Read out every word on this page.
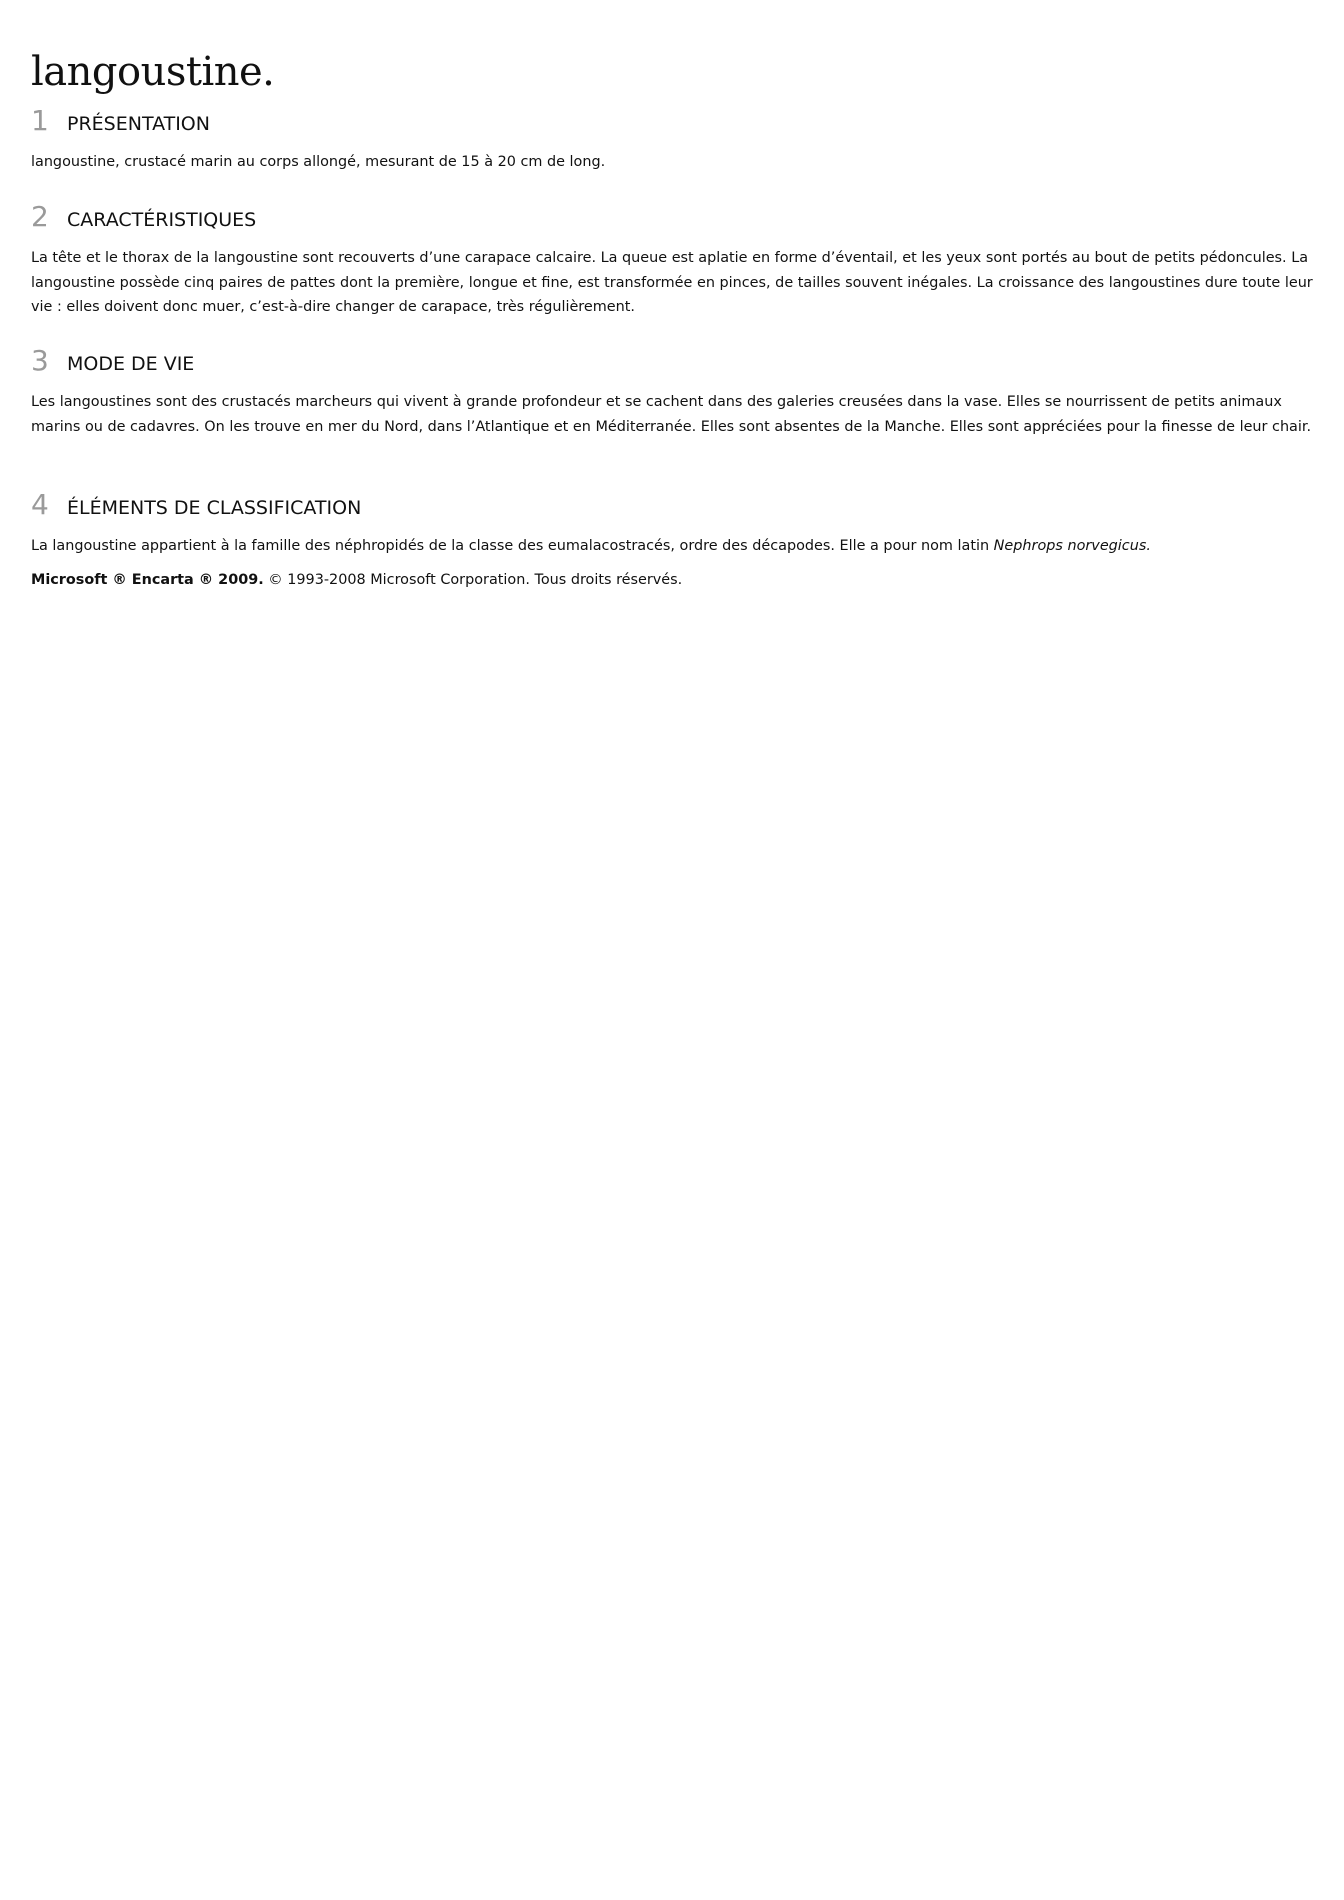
langoustine.
1 PRÉSENTATION

langoustine, crustacé marin au corps allongé, mesurant de 15 à 20 cm de long.

2 CARACTÉRISTIQUES

La tête et le thorax de la langoustine sont recouverts d’une carapace calcaire. La queue est aplatie en forme d’éventail, et les yeux sont portés au bout de petits pédoncules. La langoustine possède cinq paires de pattes dont la première, longue et fine, est transformée en pinces, de tailles souvent inégales. La croissance des langoustines dure toute leur vie : elles doivent donc muer, c’est-à-dire changer de carapace, très régulièrement.

3 MODE DE VIE

Les langoustines sont des crustacés marcheurs qui vivent à grande profondeur et se cachent dans des galeries creusées dans la vase. Elles se nourrissent de petits animaux marins ou de cadavres. On les trouve en mer du Nord, dans l’Atlantique et en Méditerranée. Elles sont absentes de la Manche. Elles sont appréciées pour la finesse de leur chair.

4 ÉLÉMENTS DE CLASSIFICATION

La langoustine appartient à la famille des néphropidés de la classe des eumalacostracés, ordre des décapodes. Elle a pour nom latin Nephrops norvegicus.

Microsoft ® Encarta ® 2009. © 1993-2008 Microsoft Corporation. Tous droits réservés.
